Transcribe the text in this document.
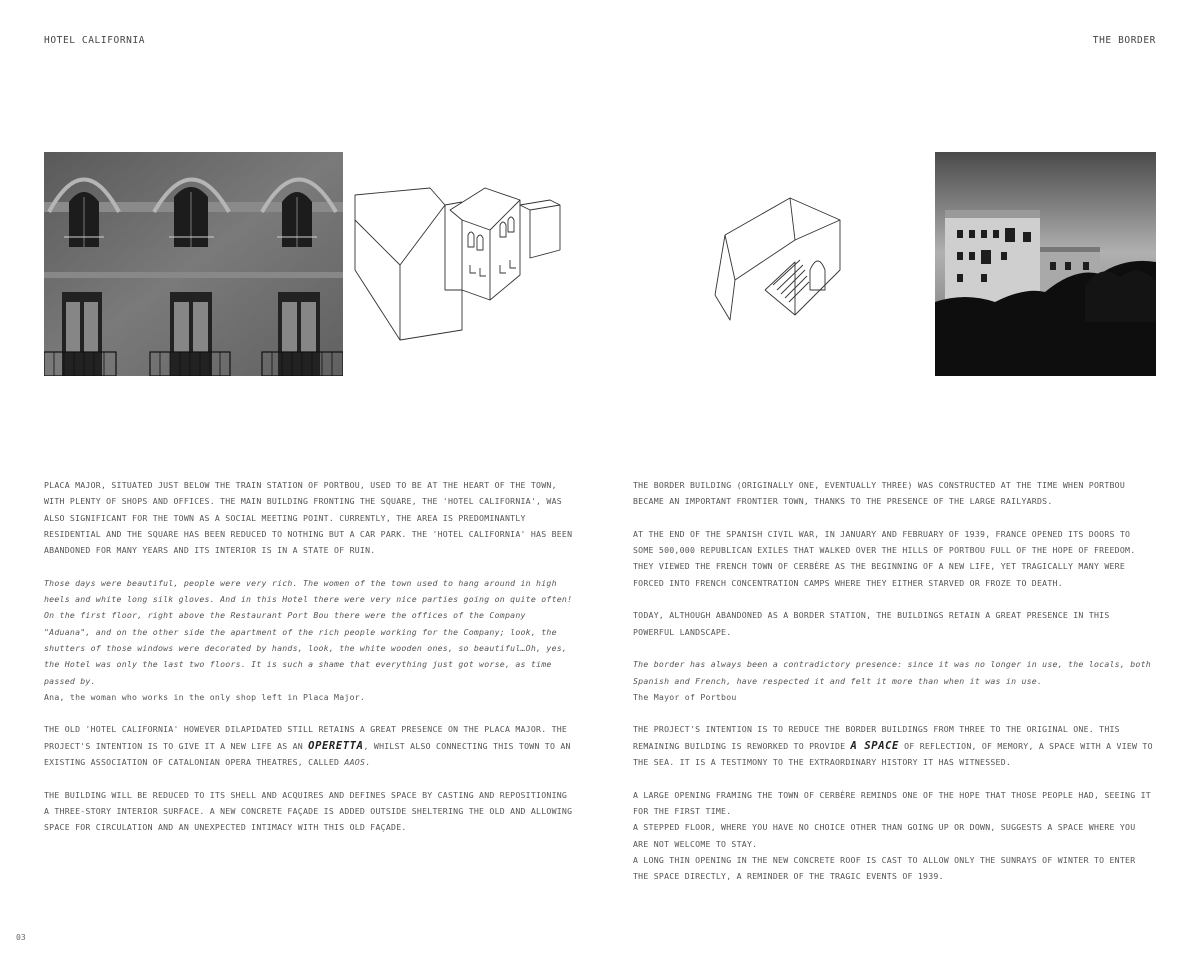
HOTEL CALIFORNIA	THE BORDER

PLACA MAJOR, SITUATED JUST BELOW THE TRAIN STATION OF PORTBOU, USED TO BE AT THE HEART OF THE TOWN, WITH PLENTY OF SHOPS AND OFFICES. THE MAIN BUILDING FRONTING THE SQUARE, THE 'HOTEL CALIFORNIA', WAS ALSO SIGNIFICANT FOR THE TOWN AS A SOCIAL MEETING POINT. CURRENTLY, THE AREA IS PREDOMINANTLY RESIDENTIAL AND THE SQUARE HAS BEEN REDUCED TO NOTHING BUT A CAR PARK. THE 'HOTEL CALIFORNIA' HAS BEEN ABANDONED FOR MANY YEARS AND ITS INTERIOR IS IN A STATE OF RUIN.

Those days were beautiful, people were very rich. The women of the town used to hang around in high heels and white long silk gloves. And in this Hotel there were very nice parties going on quite often! On the first floor, right above the Restaurant Port Bou there were the offices of the Company "Aduana", and on the other side the apartment of the rich people working for the Company; look, the shutters of those windows were decorated by hands, look, the white wooden ones, so beautiful…Oh, yes, the Hotel was only the last two floors. It is such a shame that everything just got worse, as time passed by.
Ana, the woman who works in the only shop left in Placa Major.

THE OLD 'HOTEL CALIFORNIA' HOWEVER DILAPIDATED STILL RETAINS A GREAT PRESENCE ON THE PLACA MAJOR. THE PROJECT'S INTENTION IS TO GIVE IT A NEW LIFE AS AN OPERETTA, WHILST ALSO CONNECTING THIS TOWN TO AN EXISTING ASSOCIATION OF CATALONIAN OPERA THEATRES, CALLED AAOS.

THE BUILDING WILL BE REDUCED TO ITS SHELL AND ACQUIRES AND DEFINES SPACE BY CASTING AND REPOSITIONING A THREE-STORY INTERIOR SURFACE. A NEW CONCRETE FAÇADE IS ADDED OUTSIDE SHELTERING THE OLD AND ALLOWING SPACE FOR CIRCULATION AND AN UNEXPECTED INTIMACY WITH THIS OLD FAÇADE.

THE BORDER BUILDING (ORIGINALLY ONE, EVENTUALLY THREE) WAS CONSTRUCTED AT THE TIME WHEN PORTBOU BECAME AN IMPORTANT FRONTIER TOWN, THANKS TO THE PRESENCE OF THE LARGE RAILYARDS.

AT THE END OF THE SPANISH CIVIL WAR, IN JANUARY AND FEBRUARY OF 1939, FRANCE OPENED ITS DOORS TO SOME 500,000 REPUBLICAN EXILES THAT WALKED OVER THE HILLS OF PORTBOU FULL OF THE HOPE OF FREEDOM. THEY VIEWED THE FRENCH TOWN OF CERBÈRE AS THE BEGINNING OF A NEW LIFE, YET TRAGICALLY MANY WERE FORCED INTO FRENCH CONCENTRATION CAMPS WHERE THEY EITHER STARVED OR FROZE TO DEATH.

TODAY, ALTHOUGH ABANDONED AS A BORDER STATION, THE BUILDINGS RETAIN A GREAT PRESENCE IN THIS POWERFUL LANDSCAPE.

The border has always been a contradictory presence: since it was no longer in use, the locals, both Spanish and French, have respected it and felt it more than when it was in use.
The Mayor of Portbou

THE PROJECT'S INTENTION IS TO REDUCE THE BORDER BUILDINGS FROM THREE TO THE ORIGINAL ONE. THIS REMAINING BUILDING IS REWORKED TO PROVIDE A SPACE OF REFLECTION, OF MEMORY, A SPACE WITH A VIEW TO THE SEA. IT IS A TESTIMONY TO THE EXTRAORDINARY HISTORY IT HAS WITNESSED.

A LARGE OPENING FRAMING THE TOWN OF CERBÈRE REMINDS ONE OF THE HOPE THAT THOSE PEOPLE HAD, SEEING IT FOR THE FIRST TIME.
A STEPPED FLOOR, WHERE YOU HAVE NO CHOICE OTHER THAN GOING UP OR DOWN, SUGGESTS A SPACE WHERE YOU ARE NOT WELCOME TO STAY.
A LONG THIN OPENING IN THE NEW CONCRETE ROOF IS CAST TO ALLOW ONLY THE SUNRAYS OF WINTER TO ENTER THE SPACE DIRECTLY, A REMINDER OF THE TRAGIC EVENTS OF 1939.

03
